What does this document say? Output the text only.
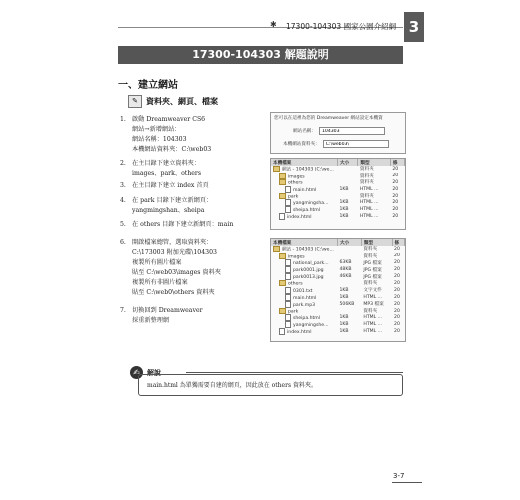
✱ 17300-104303 國家公園介紹網 3
17300-104303 解題說明
一、建立網站
✎	資料夾、網頁、檔案
1. 啟動 Dreamweaver CS6
網站→新增網站：
網站名稱：104303
本機網站資料夾：C:\web03
2. 在主目錄下建立資料夾：
images、park、others
3. 在主目錄下建立 index 首頁
4. 在 park 目錄下建立新網頁：
yangmingshan、sheipa
5. 在 others 目錄下建立新網頁：main
6. 開啟檔案總管，選取資料夾：
C:\173003 附加光碟\104303
複製所有圖片檔案
貼至 C:\web03\images 資料夾
複製所有非圖片檔案
貼至 C:\web0\others 資料夾
7. 切換回到 Dreamweaver
採重新整理網
您可以在這裡為您的 Dreamweaver 網站設定本機資
網站名稱：
104303
本機網站資料夾：
C:\web03\
本機檔案	大小	類型	修
網站 - 104303 (C:\we...		資料夾	20
images		資料夾	20
others		資料夾	20
main.html	1KB	HTML ...	20
park		資料夾	20
yangmingsha...	1KB	HTML ...	20
sheipa.html	1KB	HTML ...	20
index.html	1KB	HTML ...	20
本機檔案	大小	類型	修
網站 - 104303 (C:\we...		資料夾	20
images		資料夾	20
national_park...	63KB	JPG 檔案	20
park0001.jpg	48KB	JPG 檔案	20
park0013.jpg	46KB	JPG 檔案	20
others		資料夾	20
0301.txt	1KB	文字文件	20
main.html	1KB	HTML ...	20
park.mp3	506KB	MP3 檔案	20
park		資料夾	20
sheipa.html	1KB	HTML ...	20
yangmingshe...	1KB	HTML ...	20
index.html	1KB	HTML ...	20
✍	解說
main.html 為單獨需要自建的網頁，因此放在 others 資料夾。
3-7
